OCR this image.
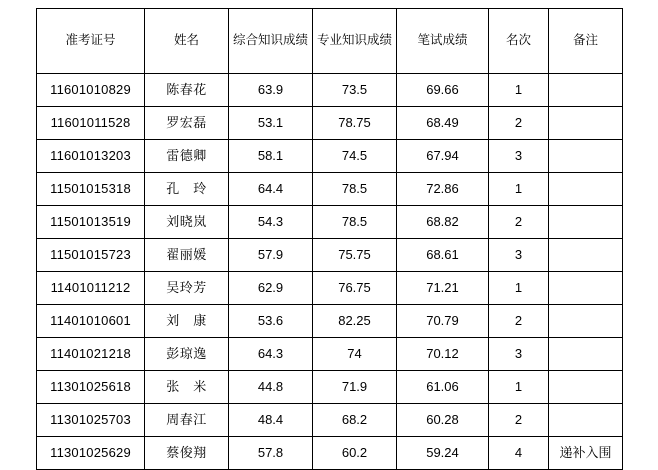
准考证号	姓名	综合知识成绩	专业知识成绩	笔试成绩	名次	备注
11601010829	陈春花	63.9	73.5	69.66	1	
11601011528	罗宏磊	53.1	78.75	68.49	2	
11601013203	雷德卿	58.1	74.5	67.94	3	
11501015318	孔　玲	64.4	78.5	72.86	1	
11501013519	刘晓岚	54.3	78.5	68.82	2	
11501015723	翟丽媛	57.9	75.75	68.61	3	
11401011212	吴玲芳	62.9	76.75	71.21	1	
11401010601	刘　康	53.6	82.25	70.79	2	
11401021218	彭琼逸	64.3	74	70.12	3	
11301025618	张　米	44.8	71.9	61.06	1	
11301025703	周春江	48.4	68.2	60.28	2	
11301025629	蔡俊翔	57.8	60.2	59.24	4	递补入围
